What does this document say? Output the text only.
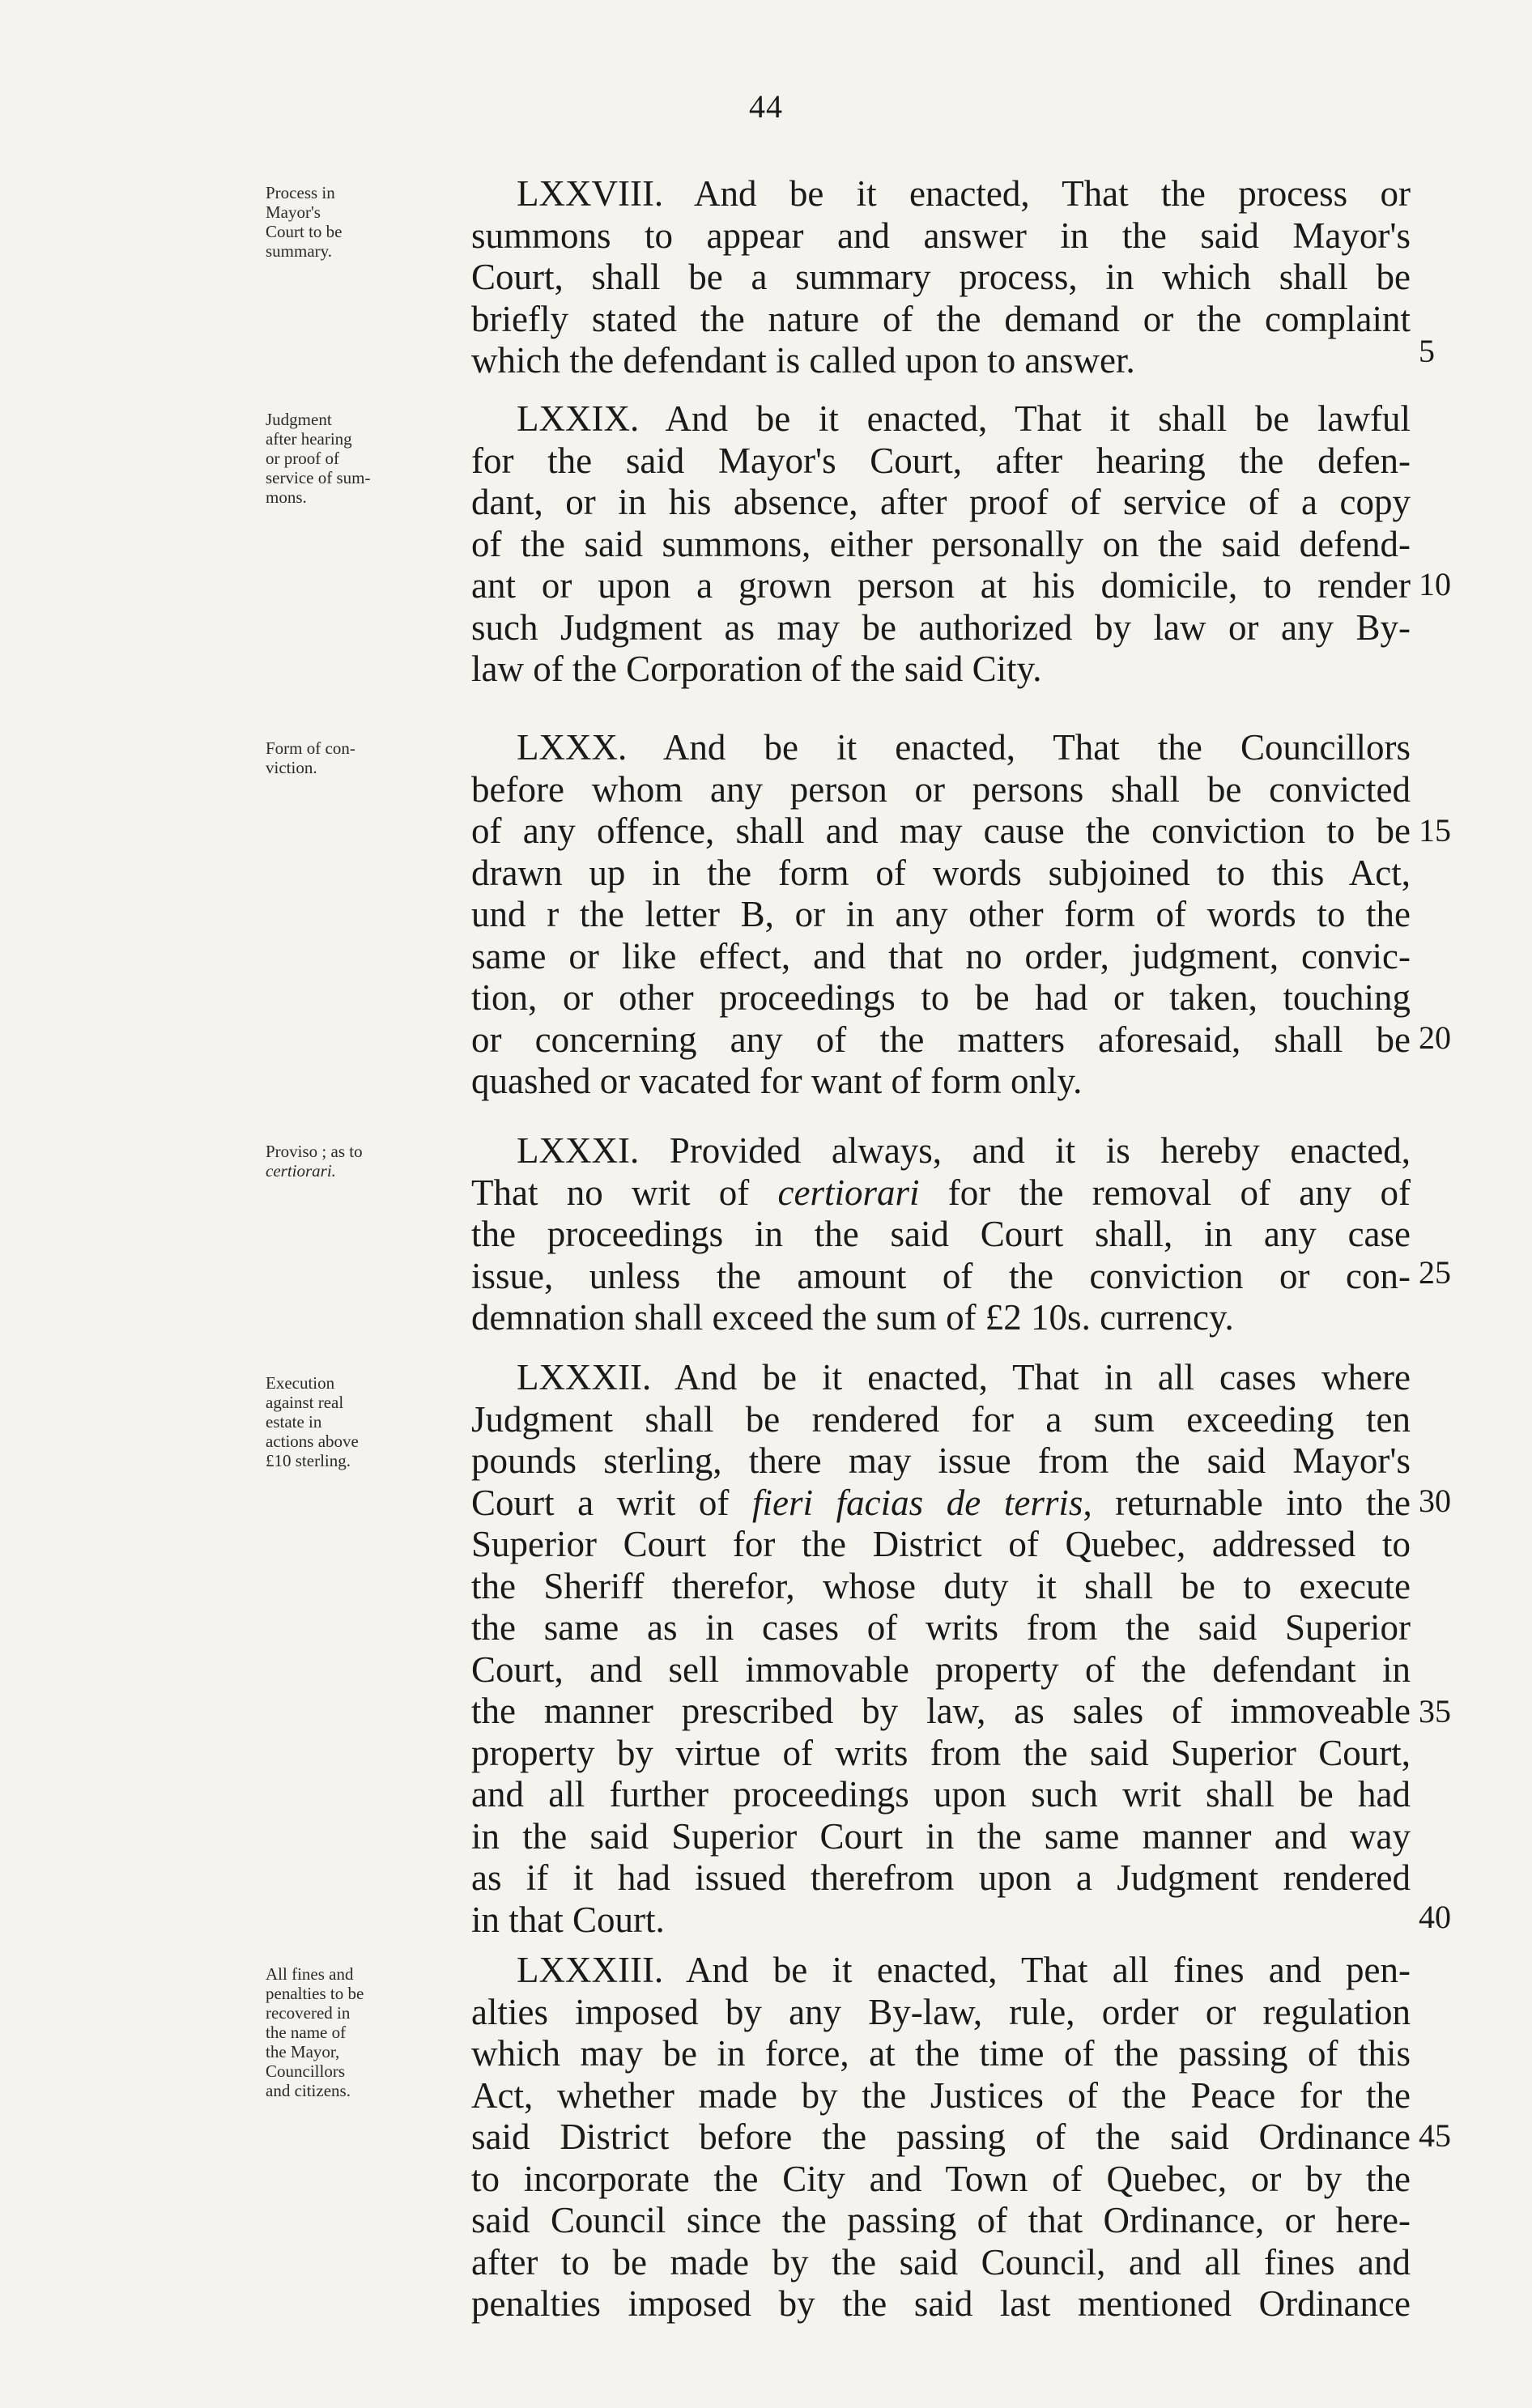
44
Process in
Mayor's
Court to be
summary.
LXXVIII. And be it enacted, That the process or
summons to appear and answer in the said Mayor's
Court, shall be a summary process, in which shall be
briefly stated the nature of the demand or the complaint
which the defendant is called upon to answer.
Judgment
after hearing
or proof of
service of sum-
mons.
LXXIX. And be it enacted, That it shall be lawful
for the said Mayor's Court, after hearing the defen-
dant, or in his absence, after proof of service of a copy
of the said summons, either personally on the said defend-
ant or upon a grown person at his domicile, to render
such Judgment as may be authorized by law or any By-
law of the Corporation of the said City.
Form of con-
viction.	LXXX. And be it enacted, That the Councillors
before whom any person or persons shall be convicted
of any offence, shall and may cause the conviction to be
drawn up in the form of words subjoined to this Act,
und r the letter B, or in any other form of words to the
same or like effect, and that no order, judgment, convic-
tion, or other proceedings to be had or taken, touching
or concerning any of the matters aforesaid, shall be
quashed or vacated for want of form only.
Proviso ; as to
certiorari.	LXXXI. Provided always, and it is hereby enacted,
That no writ of certiorari for the removal of any of
the proceedings in the said Court shall, in any case
issue, unless the amount of the conviction or con-
demnation shall exceed the sum of £2 10s. currency.
Execution
against real
estate in
actions above
£10 sterling.
LXXXII. And be it enacted, That in all cases where
Judgment shall be rendered for a sum exceeding ten
pounds sterling, there may issue from the said Mayor's
Court a writ of fieri facias de terris, returnable into the
Superior Court for the District of Quebec, addressed to
the Sheriff therefor, whose duty it shall be to execute
the same as in cases of writs from the said Superior
Court, and sell immovable property of the defendant in
the manner prescribed by law, as sales of immoveable
property by virtue of writs from the said Superior Court,
and all further proceedings upon such writ shall be had
in the said Superior Court in the same manner and way
as if it had issued therefrom upon a Judgment rendered
in that Court.
All fines and
penalties to be
recovered in
the name of
the Mayor,
Councillors
and citizens.
LXXXIII. And be it enacted, That all fines and pen-
alties imposed by any By-law, rule, order or regulation
which may be in force, at the time of the passing of this
Act, whether made by the Justices of the Peace for the
said District before the passing of the said Ordinance
to incorporate the City and Town of Quebec, or by the
said Council since the passing of that Ordinance, or here-
after to be made by the said Council, and all fines and
penalties imposed by the said last mentioned Ordinance
5
10
15
20
25
30
35
40
45
